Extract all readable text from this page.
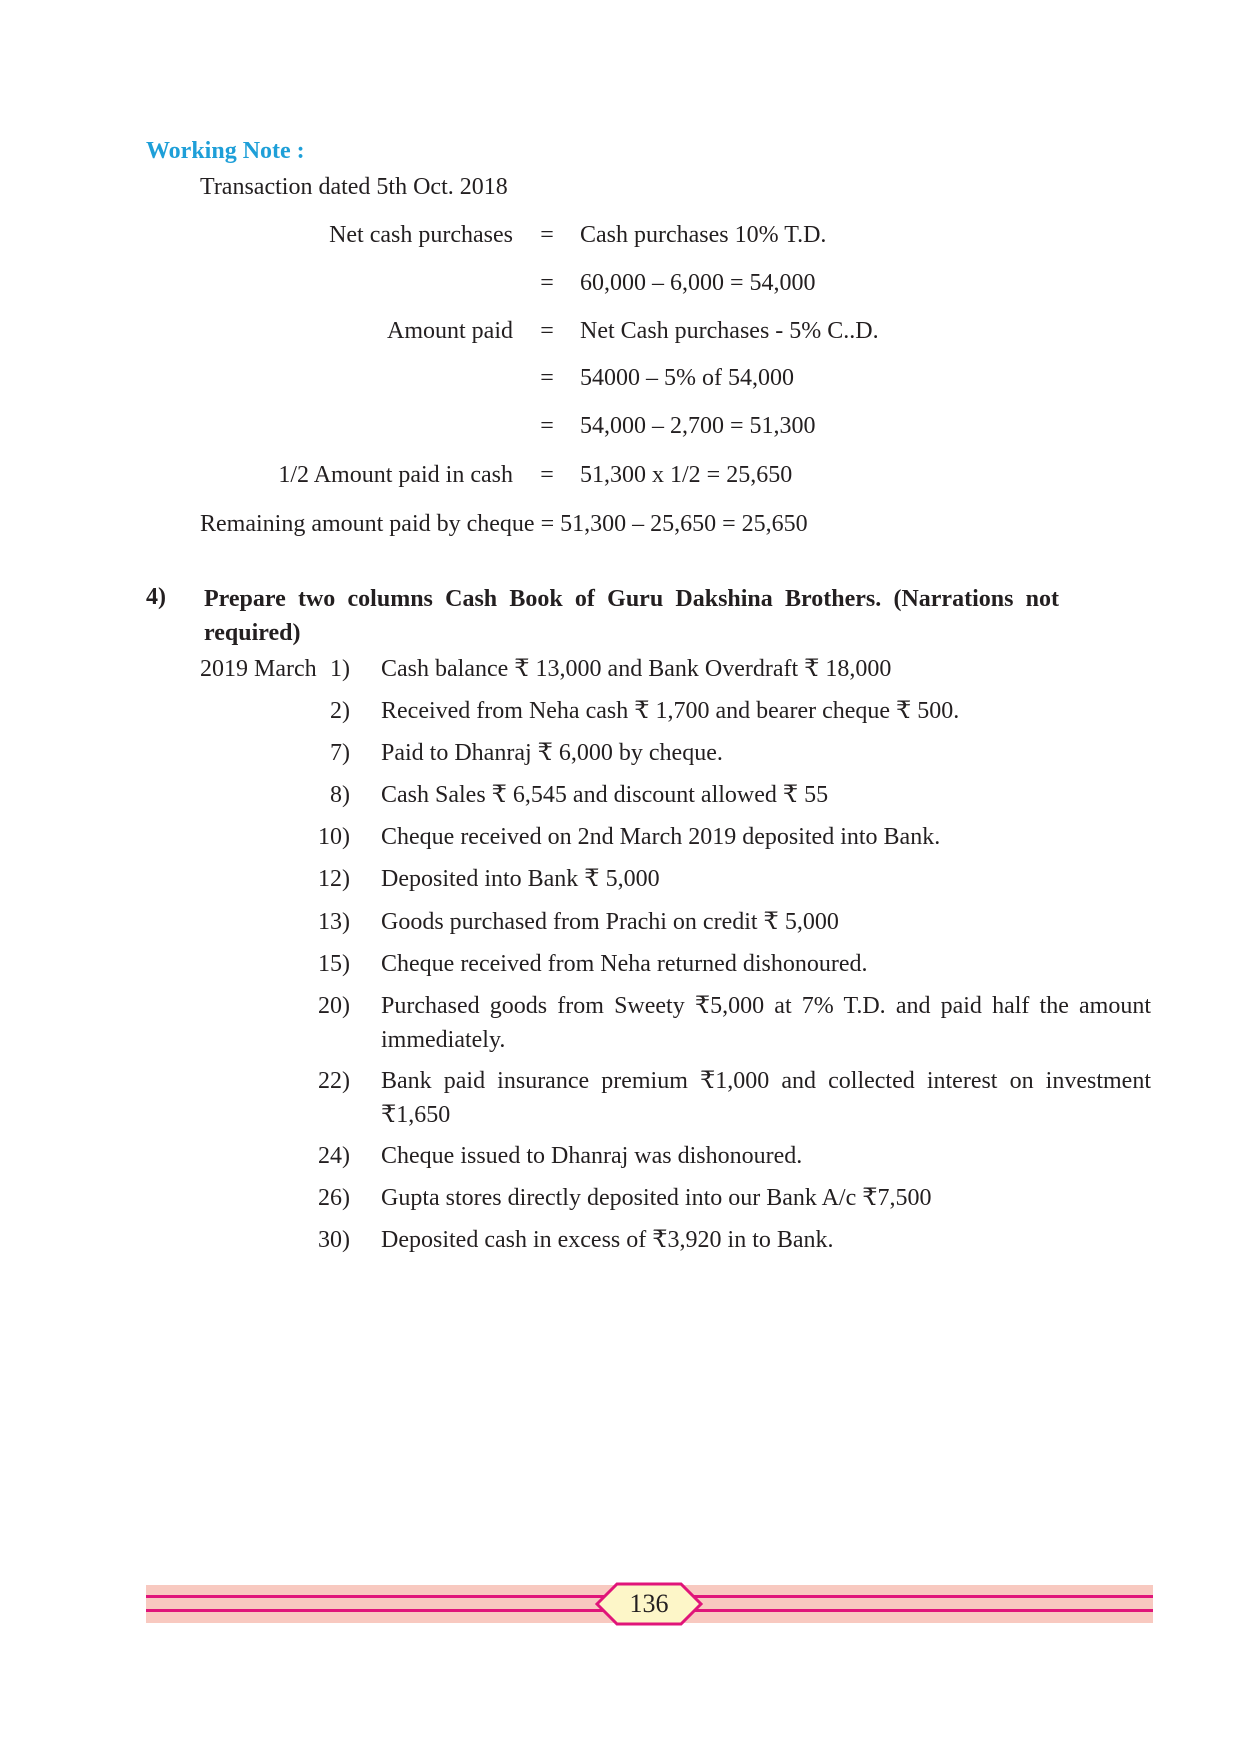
Working Note :
Transaction dated 5th Oct. 2018
Net cash purchases = Cash purchases 10% T.D.
= 60,000 – 6,000 = 54,000
Amount paid = Net Cash purchases - 5% C..D.
= 54000 – 5% of 54,000
= 54,000 – 2,700 = 51,300
1/2 Amount paid in cash = 51,300 x 1/2 = 25,650
Remaining amount paid by cheque = 51,300 – 25,650 = 25,650
4) Prepare two columns Cash Book of Guru Dakshina Brothers. (Narrations not required)
2019 March 1) Cash balance ₹ 13,000 and Bank Overdraft ₹ 18,000
2) Received from Neha cash ₹ 1,700 and bearer cheque ₹ 500.
7) Paid to Dhanraj ₹ 6,000 by cheque.
8) Cash Sales ₹ 6,545 and discount allowed ₹ 55
10) Cheque received on 2nd March 2019 deposited into Bank.
12) Deposited into Bank ₹ 5,000
13) Goods purchased from Prachi on credit ₹ 5,000
15) Cheque received from Neha returned dishonoured.
20) Purchased goods from Sweety ₹5,000 at 7% T.D. and paid half the amount immediately.
22) Bank paid insurance premium ₹1,000 and collected interest on investment ₹1,650
24) Cheque issued to Dhanraj was dishonoured.
26) Gupta stores directly deposited into our Bank A/c ₹7,500
30) Deposited cash in excess of ₹3,920 in to Bank.
136
